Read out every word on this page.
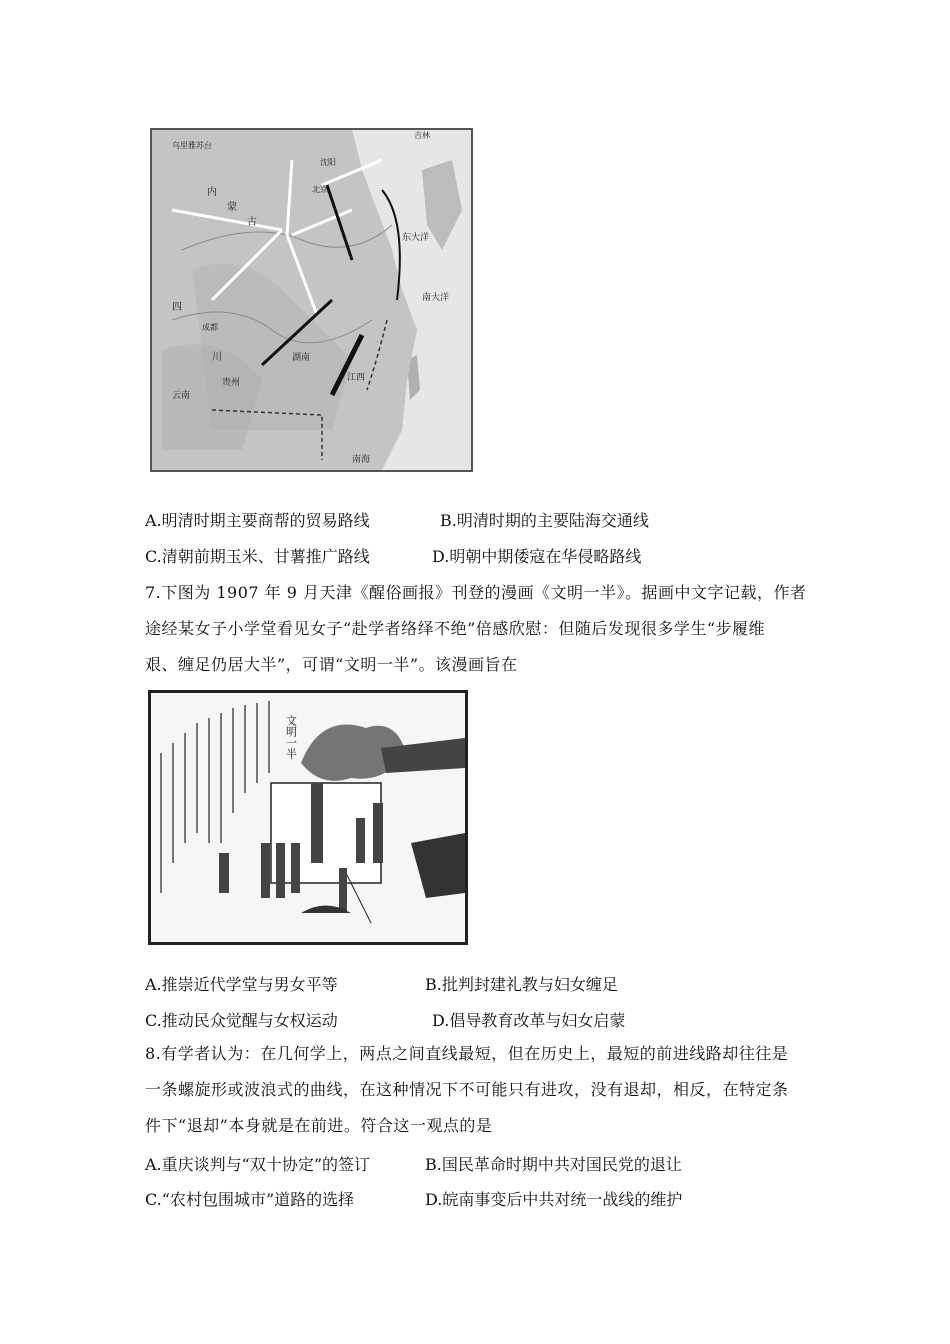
乌里雅苏台
吉林
东大洋
南大洋
南海
内
蒙
古
四
川
贵州
云南
江西
湖南
沈阳
北京
成都
A.明清时期主要商帮的贸易路线	B.明清时期的主要陆海交通线
C.清朝前期玉米、甘薯推广路线	D.明朝中期倭寇在华侵略路线
7.下图为 1907 年 9 月天津《醒俗画报》刊登的漫画《文明一半》。据画中文字记载，作者
途经某女子小学堂看见女子“赴学者络绎不绝”倍感欣慰：但随后发现很多学生“步履维
艰、缠足仍居大半”，可谓“文明一半”。该漫画旨在
文明一半
A.推崇近代学堂与男女平等	B.批判封建礼教与妇女缠足
C.推动民众觉醒与女权运动	D.倡导教育改革与妇女启蒙
8.有学者认为：在几何学上，两点之间直线最短，但在历史上，最短的前进线路却往往是
一条螺旋形或波浪式的曲线，在这种情况下不可能只有进攻，没有退却，相反，在特定条
件下“退却”本身就是在前进。符合这一观点的是
A.重庆谈判与“双十协定”的签订	B.国民革命时期中共对国民党的退让
C.“农村包围城市”道路的选择	D.皖南事变后中共对统一战线的维护
